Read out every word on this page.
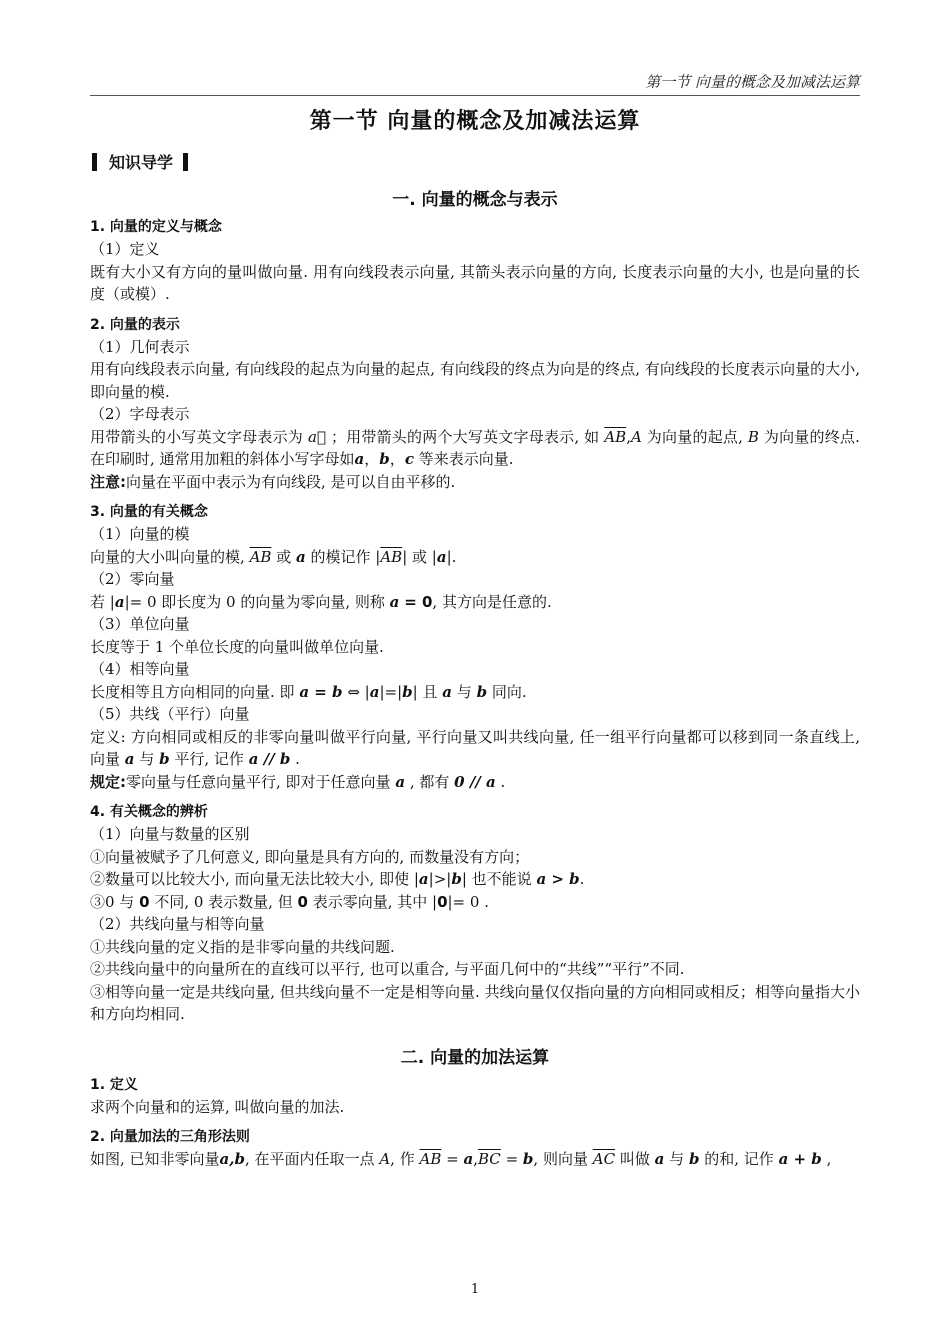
第一节 向量的概念及加减法运算
第一节 向量的概念及加减法运算
知识导学
一. 向量的概念与表示
1. 向量的定义与概念
（1）定义
既有大小又有方向的量叫做向量. 用有向线段表示向量, 其箭头表示向量的方向, 长度表示向量的大小, 也是向量的长度（或模）.
2. 向量的表示
（1）几何表示
用有向线段表示向量, 有向线段的起点为向量的起点, 有向线段的终点为向是的终点, 有向线段的长度表示向量的大小, 即向量的模.
（2）字母表示
用带箭头的小写英文字母表示为 a⃗ ；用带箭头的两个大写英文字母表示, 如 $\overline{AB},A$ 为向量的起点, B 为向量的终点. 在印刷时, 通常用加粗的斜体小写字母如a，b，c 等来表示向量.
注意:向量在平面中表示为有向线段, 是可以自由平移的.
3. 向量的有关概念
（1）向量的模
向量的大小叫向量的模, $\overline{AB}$ 或 a 的模记作 $|\overline{AB}|$ 或 |a|.
（2）零向量
若 |a|= 0 即长度为 0 的向量为零向量, 则称 a = 0, 其方向是任意的.
（3）单位向量
长度等于 1 个单位长度的向量叫做单位向量.
（4）相等向量
长度相等且方向相同的向量. 即 a = b ⇔ |a|=|b| 且 a 与 b 同向.
（5）共线（平行）向量
定义: 方向相同或相反的非零向量叫做平行向量, 平行向量又叫共线向量, 任一组平行向量都可以移到同一条直线上, 向量 a 与 b 平行, 记作 a // b .
规定:零向量与任意向量平行, 即对于任意向量 a , 都有 0 // a .
4. 有关概念的辨析
（1）向量与数量的区别
①向量被赋予了几何意义, 即向量是具有方向的, 而数量没有方向；
②数量可以比较大小, 而向量无法比较大小, 即使 |a|>|b| 也不能说 a > b.
③0 与 0 不同, 0 表示数量, 但 0 表示零向量, 其中 |0|= 0 .
（2）共线向量与相等向量
①共线向量的定义指的是非零向量的共线问题.
②共线向量中的向量所在的直线可以平行, 也可以重合, 与平面几何中的“共线”“平行”不同.
③相等向量一定是共线向量, 但共线向量不一定是相等向量. 共线向量仅仅指向量的方向相同或相反；相等向量指大小和方向均相同.
二. 向量的加法运算
1. 定义
求两个向量和的运算, 叫做向量的加法.
2. 向量加法的三角形法则
如图, 已知非零向量a,b, 在平面内任取一点 A, 作 $\overline{AB} = a,\overline{BC} = b$, 则向量 $\overline{AC}$ 叫做 a 与 b 的和, 记作 a + b ,
1
